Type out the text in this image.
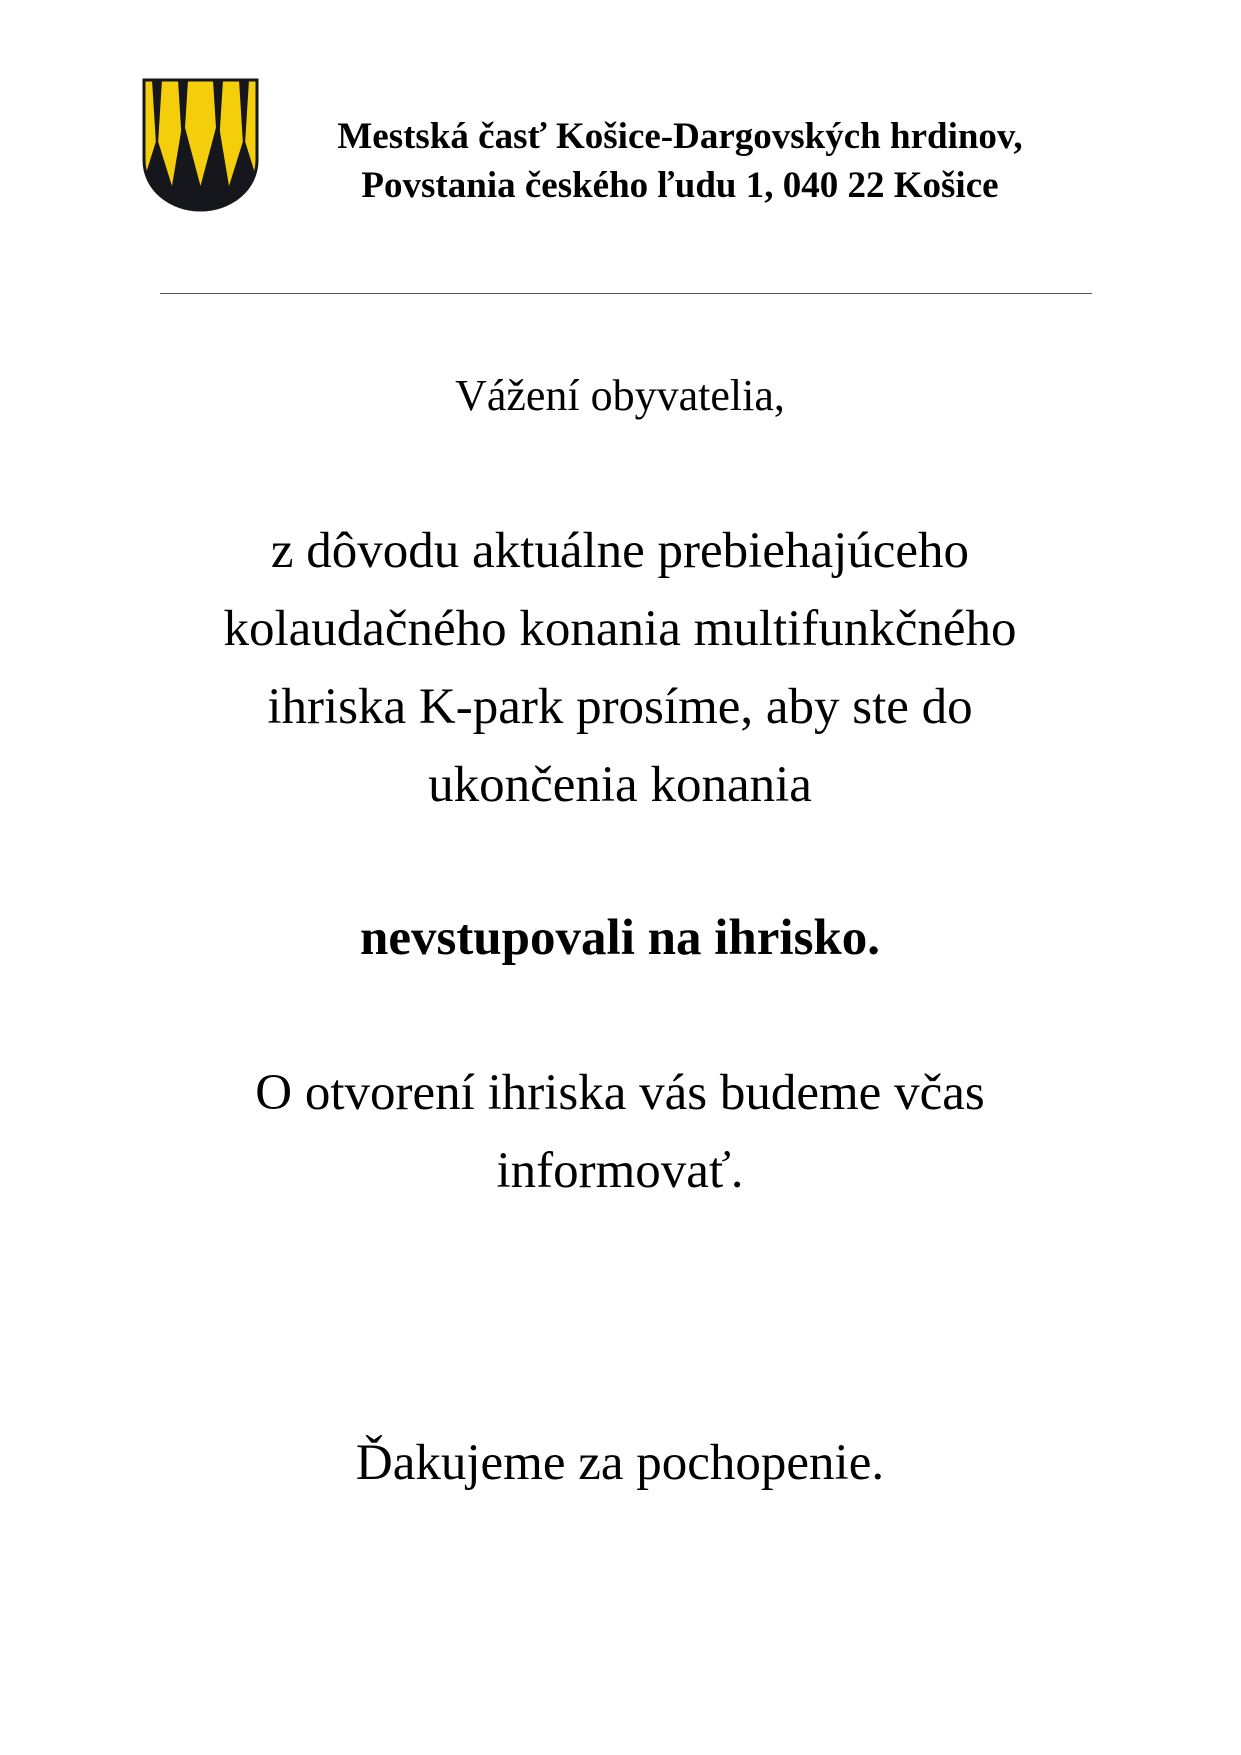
Mestská časť Košice-Dargovských hrdinov,
Povstania českého ľudu 1, 040 22 Košice
Vážení obyvatelia,
z dôvodu aktuálne prebiehajúceho
kolaudačného konania multifunkčného
ihriska K-park prosíme, aby ste do
ukončenia konania
nevstupovali na ihrisko.
O otvorení ihriska vás budeme včas
informovať.
Ďakujeme za pochopenie.
